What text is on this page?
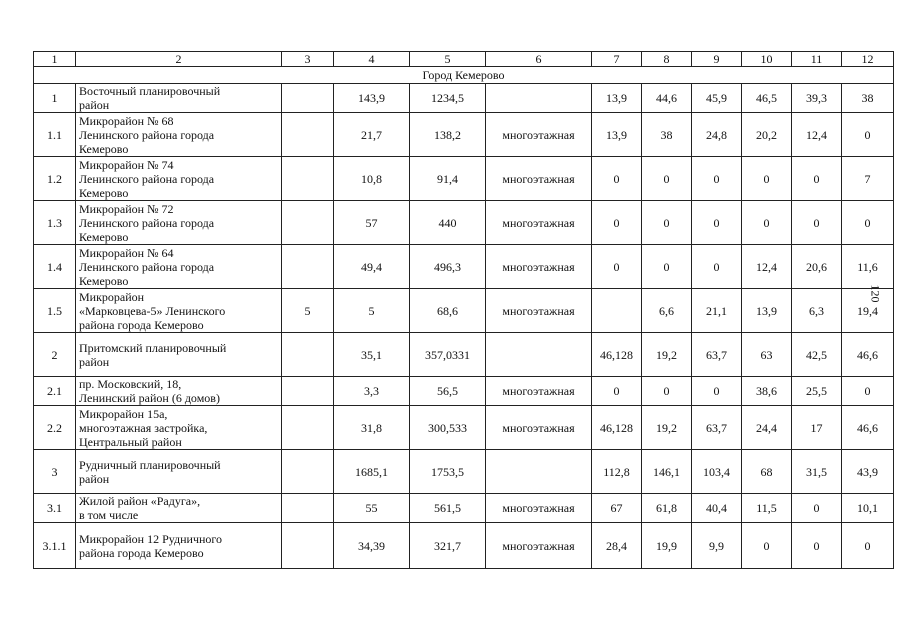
1	2	3	4	5	6	7	8	9	10	11	12
Город Кемерово											
1	Восточный планировочный
район		143,9	1234,5		13,9	44,6	45,9	46,5	39,3	38
1.1	Микрорайон № 68
Ленинского района города
Кемерово		21,7	138,2	многоэтажная	13,9	38	24,8	20,2	12,4	0
1.2	Микрорайон № 74
Ленинского района города
Кемерово		10,8	91,4	многоэтажная	0	0	0	0	0	7
1.3	Микрорайон № 72
Ленинского района города
Кемерово		57	440	многоэтажная	0	0	0	0	0	0
1.4	Микрорайон № 64
Ленинского района города
Кемерово		49,4	496,3	многоэтажная	0	0	0	12,4	20,6	11,6
1.5	Микрорайон
«Марковцева-5» Ленинского
района города Кемерово	5	5	68,6	многоэтажная		6,6	21,1	13,9	6,3	19,4
2	Притомский планировочный
район		35,1	357,0331		46,128	19,2	63,7	63	42,5	46,6
2.1	пр. Московский, 18,
Ленинский район (6 домов)		3,3	56,5	многоэтажная	0	0	0	38,6	25,5	0
2.2	Микрорайон 15а,
многоэтажная застройка,
Центральный район		31,8	300,533	многоэтажная	46,128	19,2	63,7	24,4	17	46,6
3	Рудничный планировочный
район		1685,1	1753,5		112,8	146,1	103,4	68	31,5	43,9
3.1	Жилой район «Радуга»,
в том числе		55	561,5	многоэтажная	67	61,8	40,4	11,5	0	10,1
3.1.1	Микрорайон 12 Рудничного
района города Кемерово		34,39	321,7	многоэтажная	28,4	19,9	9,9	0	0	0
120
